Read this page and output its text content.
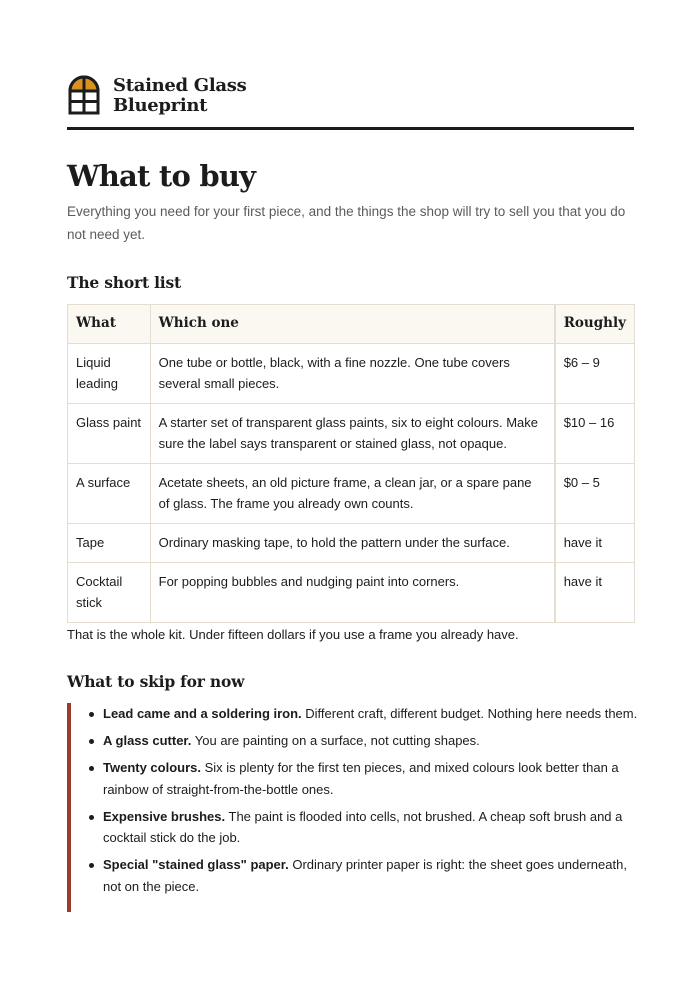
Stained Glass
Blueprint
What to buy

Everything you need for your first piece, and the things the shop will try to sell you that you do not need yet.

The short list
What	Which one	Roughly
Liquid leading	One tube or bottle, black, with a fine nozzle. One tube covers several small pieces.	$6 – 9
Glass paint	A starter set of transparent glass paints, six to eight colours. Make sure the label says transparent or stained glass, not opaque.	$10 – 16
A surface	Acetate sheets, an old picture frame, a clean jar, or a spare pane of glass. The frame you already own counts.	$0 – 5
Tape	Ordinary masking tape, to hold the pattern under the surface.	have it
Cocktail stick	For popping bubbles and nudging paint into corners.	have it

That is the whole kit. Under fifteen dollars if you use a frame you already have.

What to skip for now
Lead came and a soldering iron. Different craft, different budget. Nothing here needs them.
A glass cutter. You are painting on a surface, not cutting shapes.
Twenty colours. Six is plenty for the first ten pieces, and mixed colours look better than a rainbow of straight-from-the-bottle ones.
Expensive brushes. The paint is flooded into cells, not brushed. A cheap soft brush and a cocktail stick do the job.
Special "stained glass" paper. Ordinary printer paper is right: the sheet goes underneath, not on the piece.
